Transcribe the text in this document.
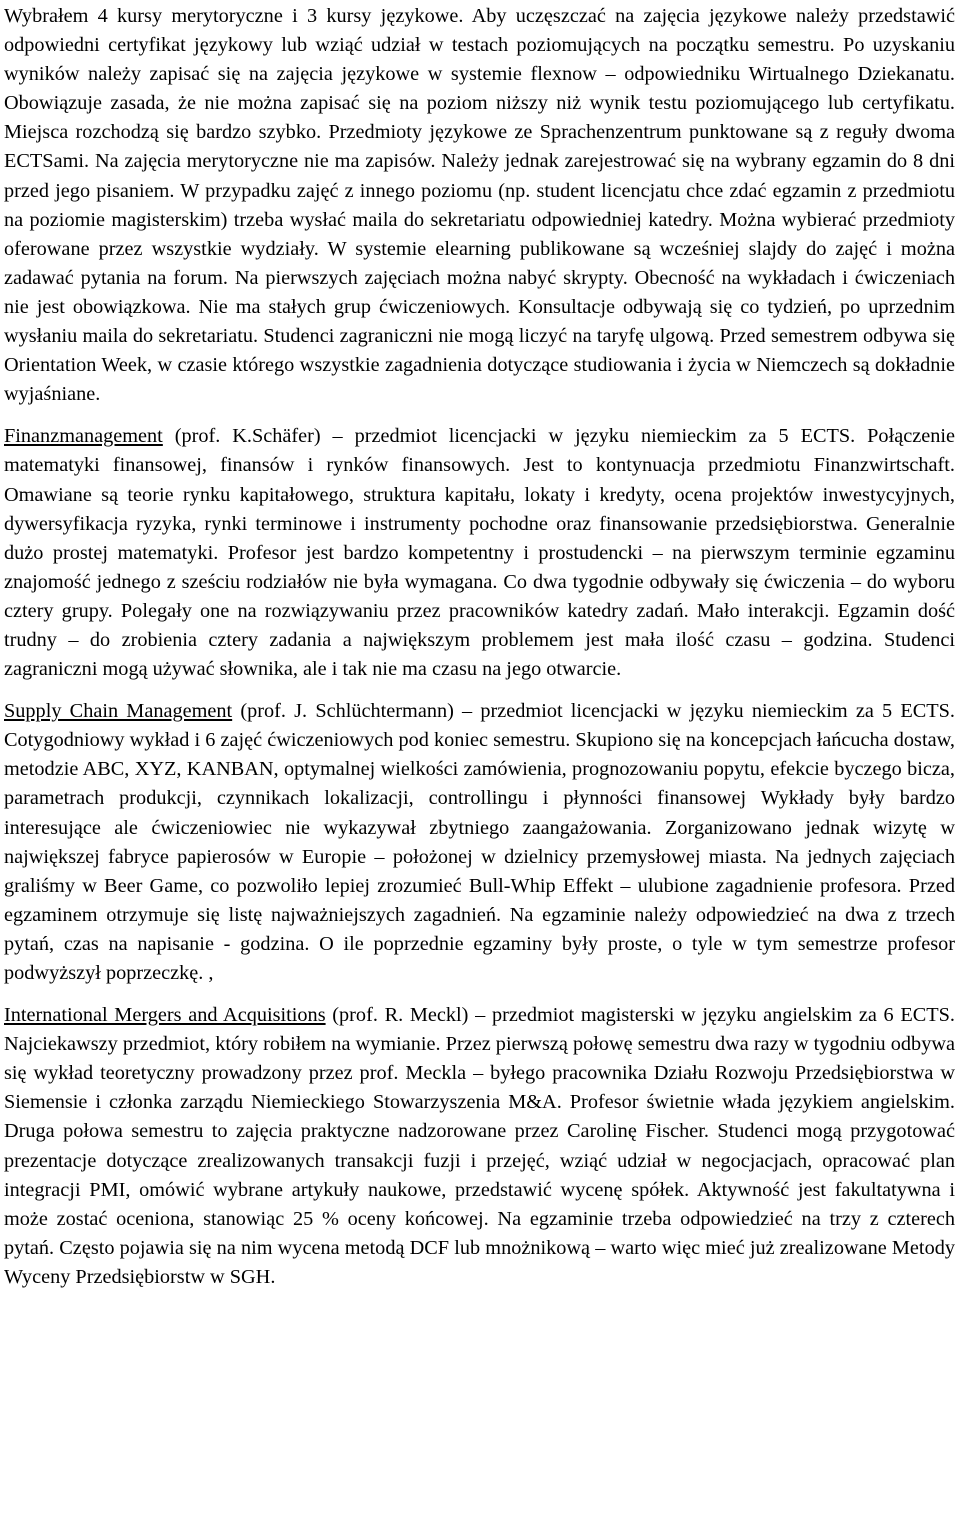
Wybrałem 4 kursy merytoryczne i 3 kursy językowe. Aby uczęszczać na zajęcia językowe należy przedstawić odpowiedni certyfikat językowy lub wziąć udział w testach poziomujących na początku semestru. Po uzyskaniu wyników należy zapisać się na zajęcia językowe w systemie flexnow – odpowiedniku Wirtualnego Dziekanatu. Obowiązuje zasada, że nie można zapisać się na poziom niższy niż wynik testu poziomującego lub certyfikatu. Miejsca rozchodzą się bardzo szybko. Przedmioty językowe ze Sprachenzentrum punktowane są z reguły dwoma ECTSami. Na zajęcia merytoryczne nie ma zapisów. Należy jednak zarejestrować się na wybrany egzamin do 8 dni przed jego pisaniem. W przypadku zajęć z innego poziomu (np. student licencjatu chce zdać egzamin z przedmiotu na poziomie magisterskim) trzeba wysłać maila do sekretariatu odpowiedniej katedry. Można wybierać przedmioty oferowane przez wszystkie wydziały. W systemie elearning publikowane są wcześniej slajdy do zajęć i można zadawać pytania na forum. Na pierwszych zajęciach można nabyć skrypty. Obecność na wykładach i ćwiczeniach nie jest obowiązkowa. Nie ma stałych grup ćwiczeniowych. Konsultacje odbywają się co tydzień, po uprzednim wysłaniu maila do sekretariatu. Studenci zagraniczni nie mogą liczyć na taryfę ulgową. Przed semestrem odbywa się Orientation Week, w czasie którego wszystkie zagadnienia dotyczące studiowania i życia w Niemczech są dokładnie wyjaśniane.

Finanzmanagement (prof. K.Schäfer) – przedmiot licencjacki w języku niemieckim za 5 ECTS. Połączenie matematyki finansowej, finansów i rynków finansowych. Jest to kontynuacja przedmiotu Finanzwirtschaft. Omawiane są teorie rynku kapitałowego, struktura kapitału, lokaty i kredyty, ocena projektów inwestycyjnych, dywersyfikacja ryzyka, rynki terminowe i instrumenty pochodne oraz finansowanie przedsiębiorstwa. Generalnie dużo prostej matematyki. Profesor jest bardzo kompetentny i prostudencki – na pierwszym terminie egzaminu znajomość jednego z sześciu rodziałów nie była wymagana. Co dwa tygodnie odbywały się ćwiczenia – do wyboru cztery grupy. Polegały one na rozwiązywaniu przez pracowników katedry zadań. Mało interakcji. Egzamin dość trudny – do zrobienia cztery zadania a największym problemem jest mała ilość czasu – godzina. Studenci zagraniczni mogą używać słownika, ale i tak nie ma czasu na jego otwarcie.

Supply Chain Management (prof. J. Schlüchtermann) – przedmiot licencjacki w języku niemieckim za 5 ECTS. Cotygodniowy wykład i 6 zajęć ćwiczeniowych pod koniec semestru. Skupiono się na koncepcjach łańcucha dostaw, metodzie ABC, XYZ, KANBAN, optymalnej wielkości zamówienia, prognozowaniu popytu, efekcie byczego bicza, parametrach produkcji, czynnikach lokalizacji, controllingu i płynności finansowej Wykłady były bardzo interesujące ale ćwiczeniowiec nie wykazywał zbytniego zaangażowania. Zorganizowano jednak wizytę w największej fabryce papierosów w Europie – położonej w dzielnicy przemysłowej miasta. Na jednych zajęciach graliśmy w Beer Game, co pozwoliło lepiej zrozumieć Bull-Whip Effekt – ulubione zagadnienie profesora. Przed egzaminem otrzymuje się listę najważniejszych zagadnień. Na egzaminie należy odpowiedzieć na dwa z trzech pytań, czas na napisanie - godzina. O ile poprzednie egzaminy były proste, o tyle w tym semestrze profesor podwyższył poprzeczkę. ,

International Mergers and Acquisitions (prof. R. Meckl) – przedmiot magisterski w języku angielskim za 6 ECTS. Najciekawszy przedmiot, który robiłem na wymianie. Przez pierwszą połowę semestru dwa razy w tygodniu odbywa się wykład teoretyczny prowadzony przez prof. Meckla – byłego pracownika Działu Rozwoju Przedsiębiorstwa w Siemensie i członka zarządu Niemieckiego Stowarzyszenia M&A. Profesor świetnie włada językiem angielskim. Druga połowa semestru to zajęcia praktyczne nadzorowane przez Carolinę Fischer. Studenci mogą przygotować prezentacje dotyczące zrealizowanych transakcji fuzji i przejęć, wziąć udział w negocjacjach, opracować plan integracji PMI, omówić wybrane artykuły naukowe, przedstawić wycenę spółek. Aktywność jest fakultatywna i może zostać oceniona, stanowiąc 25 % oceny końcowej. Na egzaminie trzeba odpowiedzieć na trzy z czterech pytań. Często pojawia się na nim wycena metodą DCF lub mnożnikową – warto więc mieć już zrealizowane Metody Wyceny Przedsiębiorstw w SGH.
